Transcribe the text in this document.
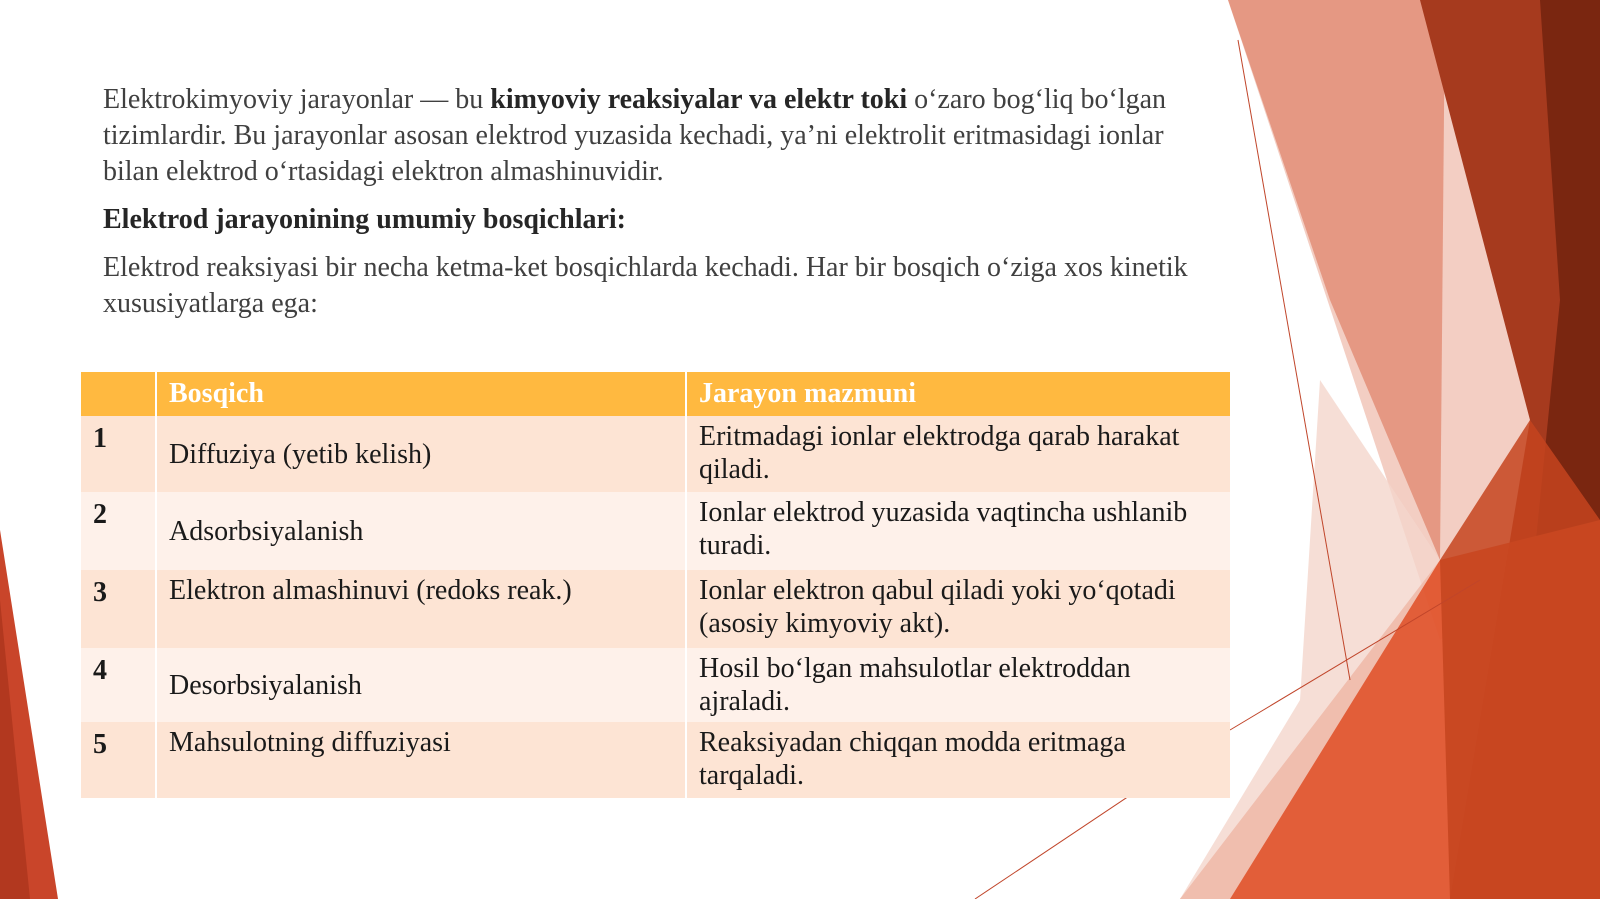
Elektrokimyoviy jarayonlar — bu kimyoviy reaksiyalar va elektr toki o‘zaro bog‘liq bo‘lgan tizimlardir. Bu jarayonlar asosan elektrod yuzasida kechadi, ya’ni elektrolit eritmasidagi ionlar bilan elektrod o‘rtasidagi elektron almashinuvidir.

Elektrod jarayonining umumiy bosqichlari:

Elektrod reaksiyasi bir necha ketma-ket bosqichlarda kechadi. Har bir bosqich o‘ziga xos kinetik xususiyatlarga ega:

	Bosqich	Jarayon mazmuni
1	Diffuziya (yetib kelish)	Eritmadagi ionlar elektrodga qarab harakat qiladi.
2	Adsorbsiyalanish	Ionlar elektrod yuzasida vaqtincha ushlanib turadi.
3	Elektron almashinuvi (redoks reak.)	Ionlar elektron qabul qiladi yoki yo‘qotadi (asosiy kimyoviy akt).
4	Desorbsiyalanish	Hosil bo‘lgan mahsulotlar elektroddan ajraladi.
5	Mahsulotning diffuziyasi	Reaksiyadan chiqqan modda eritmaga tarqaladi.
